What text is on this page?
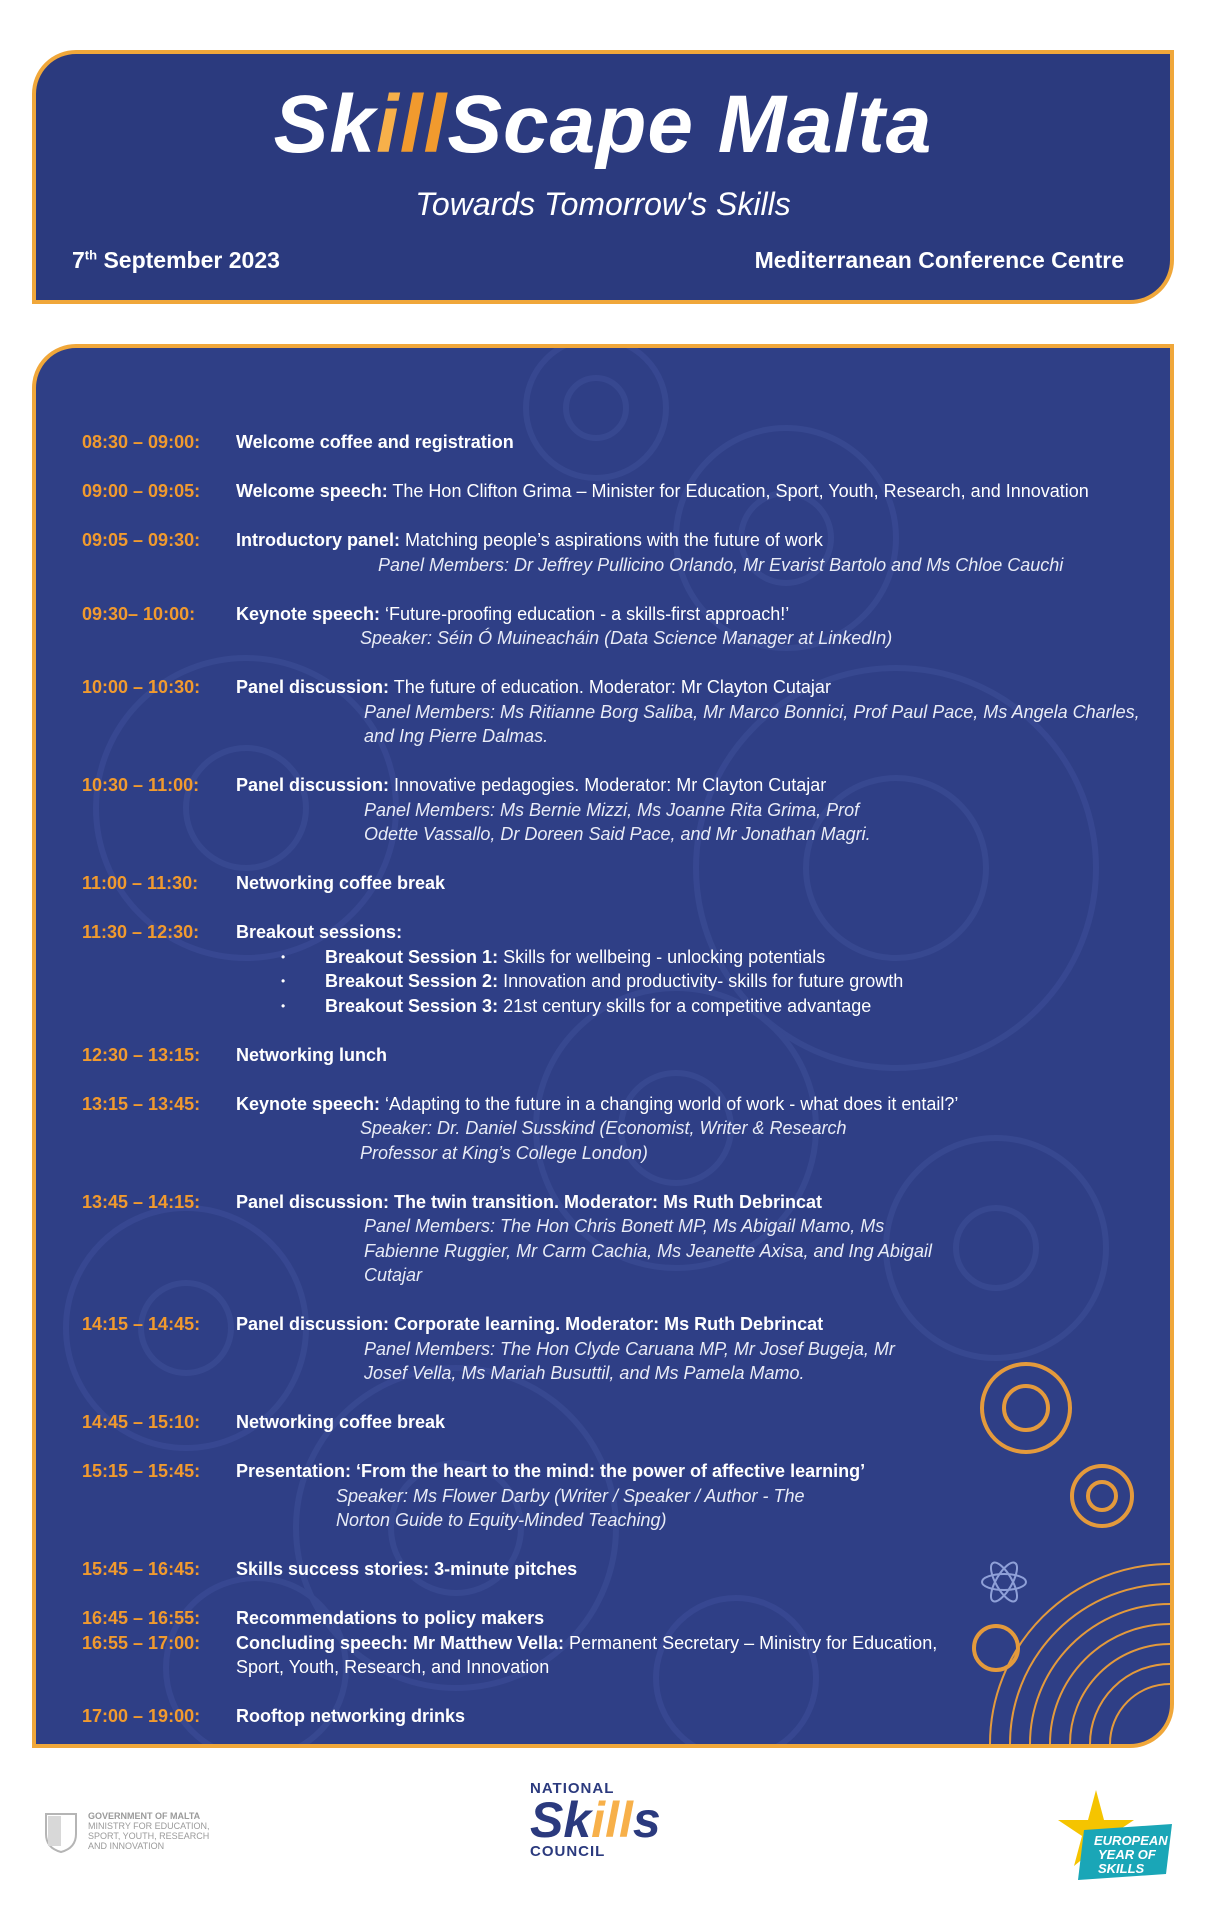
SkillScape Malta
Towards Tomorrow's Skills
7th September 2023	Mediterranean Conference Centre
08:30 – 09:00:	Welcome coffee and registration
09:00 – 09:05:	Welcome speech: The Hon Clifton Grima – Minister for Education, Sport, Youth, Research, and Innovation
09:05 – 09:30:	Introductory panel: Matching people’s aspirations with the future of work
Panel Members: Dr Jeffrey Pullicino Orlando, Mr Evarist Bartolo and Ms Chloe Cauchi
09:30– 10:00:	Keynote speech: ‘Future-proofing education - a skills-first approach!’
Speaker: Séin Ó Muineacháin (Data Science Manager at LinkedIn)
10:00 – 10:30:	Panel discussion: The future of education. Moderator: Mr Clayton Cutajar
Panel Members: Ms Ritianne Borg Saliba, Mr Marco Bonnici, Prof Paul Pace, Ms Angela Charles, and Ing Pierre Dalmas.
10:30 – 11:00:	Panel discussion: Innovative pedagogies. Moderator: Mr Clayton Cutajar
Panel Members: Ms Bernie Mizzi, Ms Joanne Rita Grima, Prof Odette Vassallo, Dr Doreen Said Pace, and Mr Jonathan Magri.
11:00 – 11:30:	Networking coffee break
11:30 – 12:30:	Breakout sessions:
• Breakout Session 1: Skills for wellbeing - unlocking potentials
• Breakout Session 2: Innovation and productivity- skills for future growth
• Breakout Session 3: 21st century skills for a competitive advantage
12:30 – 13:15:	Networking lunch
13:15 – 13:45:	Keynote speech: ‘Adapting to the future in a changing world of work - what does it entail?’
Speaker: Dr. Daniel Susskind (Economist, Writer & Research Professor at King’s College London)
13:45 – 14:15:	Panel discussion: The twin transition. Moderator: Ms Ruth Debrincat
Panel Members: The Hon Chris Bonett MP, Ms Abigail Mamo, Ms Fabienne Ruggier, Mr Carm Cachia, Ms Jeanette Axisa, and Ing Abigail Cutajar
14:15 – 14:45:	Panel discussion: Corporate learning. Moderator: Ms Ruth Debrincat
Panel Members: The Hon Clyde Caruana MP, Mr Josef Bugeja, Mr Josef Vella, Ms Mariah Busuttil, and Ms Pamela Mamo.
14:45 – 15:10:	Networking coffee break
15:15 – 15:45:	Presentation: ‘From the heart to the mind: the power of affective learning’
Speaker: Ms Flower Darby (Writer / Speaker / Author - The Norton Guide to Equity-Minded Teaching)
15:45 – 16:45:	Skills success stories: 3-minute pitches
16:45 – 16:55:	Recommendations to policy makers
16:55 – 17:00:	Concluding speech: Mr Matthew Vella: Permanent Secretary – Ministry for Education, Sport, Youth, Research, and Innovation
17:00 – 19:00:	Rooftop networking drinks
GOVERNMENT OF MALTA
MINISTRY FOR EDUCATION,
SPORT, YOUTH, RESEARCH
AND INNOVATION
NATIONAL
Skills
COUNCIL
EUROPEAN
YEAR OF
SKILLS
